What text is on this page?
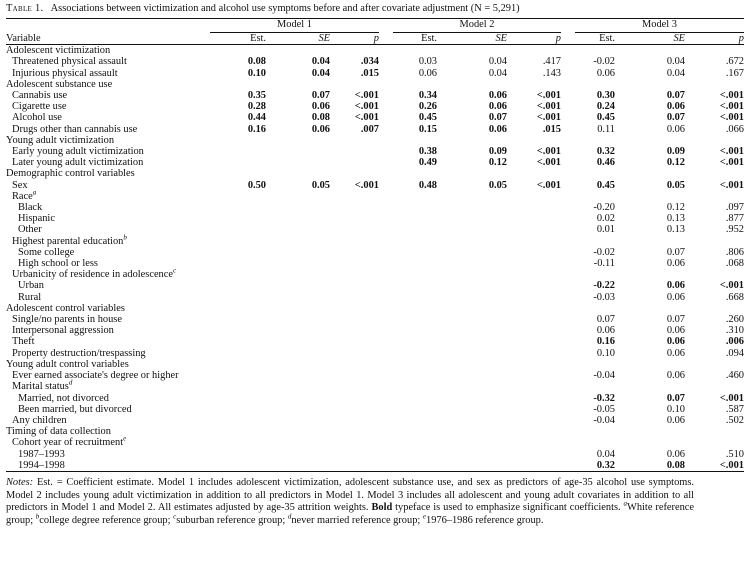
Table 1. Associations between victimization and alcohol use symptoms before and after covariate adjustment (N = 5,291)
	Model 1				Model 2				Model 3		
Variable	Est.	SE	p		Est.	SE	p		Est.	SE	p
Adolescent victimization											
Threatened physical assault	0.08	0.04	.034		0.03	0.04	.417		-0.02	0.04	.672
Injurious physical assault	0.10	0.04	.015		0.06	0.04	.143		0.06	0.04	.167
Adolescent substance use											
Cannabis use	0.35	0.07	<.001		0.34	0.06	<.001		0.30	0.07	<.001
Cigarette use	0.28	0.06	<.001		0.26	0.06	<.001		0.24	0.06	<.001
Alcohol use	0.44	0.08	<.001		0.45	0.07	<.001		0.45	0.07	<.001
Drugs other than cannabis use	0.16	0.06	.007		0.15	0.06	.015		0.11	0.06	.066
Young adult victimization											
Early young adult victimization					0.38	0.09	<.001		0.32	0.09	<.001
Later young adult victimization					0.49	0.12	<.001		0.46	0.12	<.001
Demographic control variables											
Sex	0.50	0.05	<.001		0.48	0.05	<.001		0.45	0.05	<.001
Race$^a$											
Black									-0.20	0.12	.097
Hispanic									0.02	0.13	.877
Other									0.01	0.13	.952
Highest parental education$^b$											
Some college									-0.02	0.07	.806
High school or less									-0.11	0.06	.068
Urbanicity of residence in adolescence$^c$											
Urban									-0.22	0.06	<.001
Rural									-0.03	0.06	.668
Adolescent control variables											
Single/no parents in house									0.07	0.07	.260
Interpersonal aggression									0.06	0.06	.310
Theft									0.16	0.06	.006
Property destruction/trespassing									0.10	0.06	.094
Young adult control variables											
Ever earned associate's degree or higher									-0.04	0.06	.460
Marital status$^d$											
Married, not divorced									-0.32	0.07	<.001
Been married, but divorced									-0.05	0.10	.587
Any children									-0.04	0.06	.502
Timing of data collection											
Cohort year of recruitment$^e$											
1987–1993									0.04	0.06	.510
1994–1998									0.32	0.08	<.001
Notes: Est. = Coefficient estimate. Model 1 includes adolescent victimization, adolescent substance use, and sex as predictors of age-35 alcohol use symptoms. Model 2 includes young adult victimization in addition to all predictors in Model 1. Model 3 includes all adolescent and young adult covariates in addition to all predictors in Model 1 and Model 2. All estimates adjusted by age-35 attrition weights. Bold typeface is used to emphasize significant coefficients. $^a$White reference group; $^b$college degree reference group; $^c$suburban reference group; $^d$never married reference group; $^e$1976–1986 reference group.
